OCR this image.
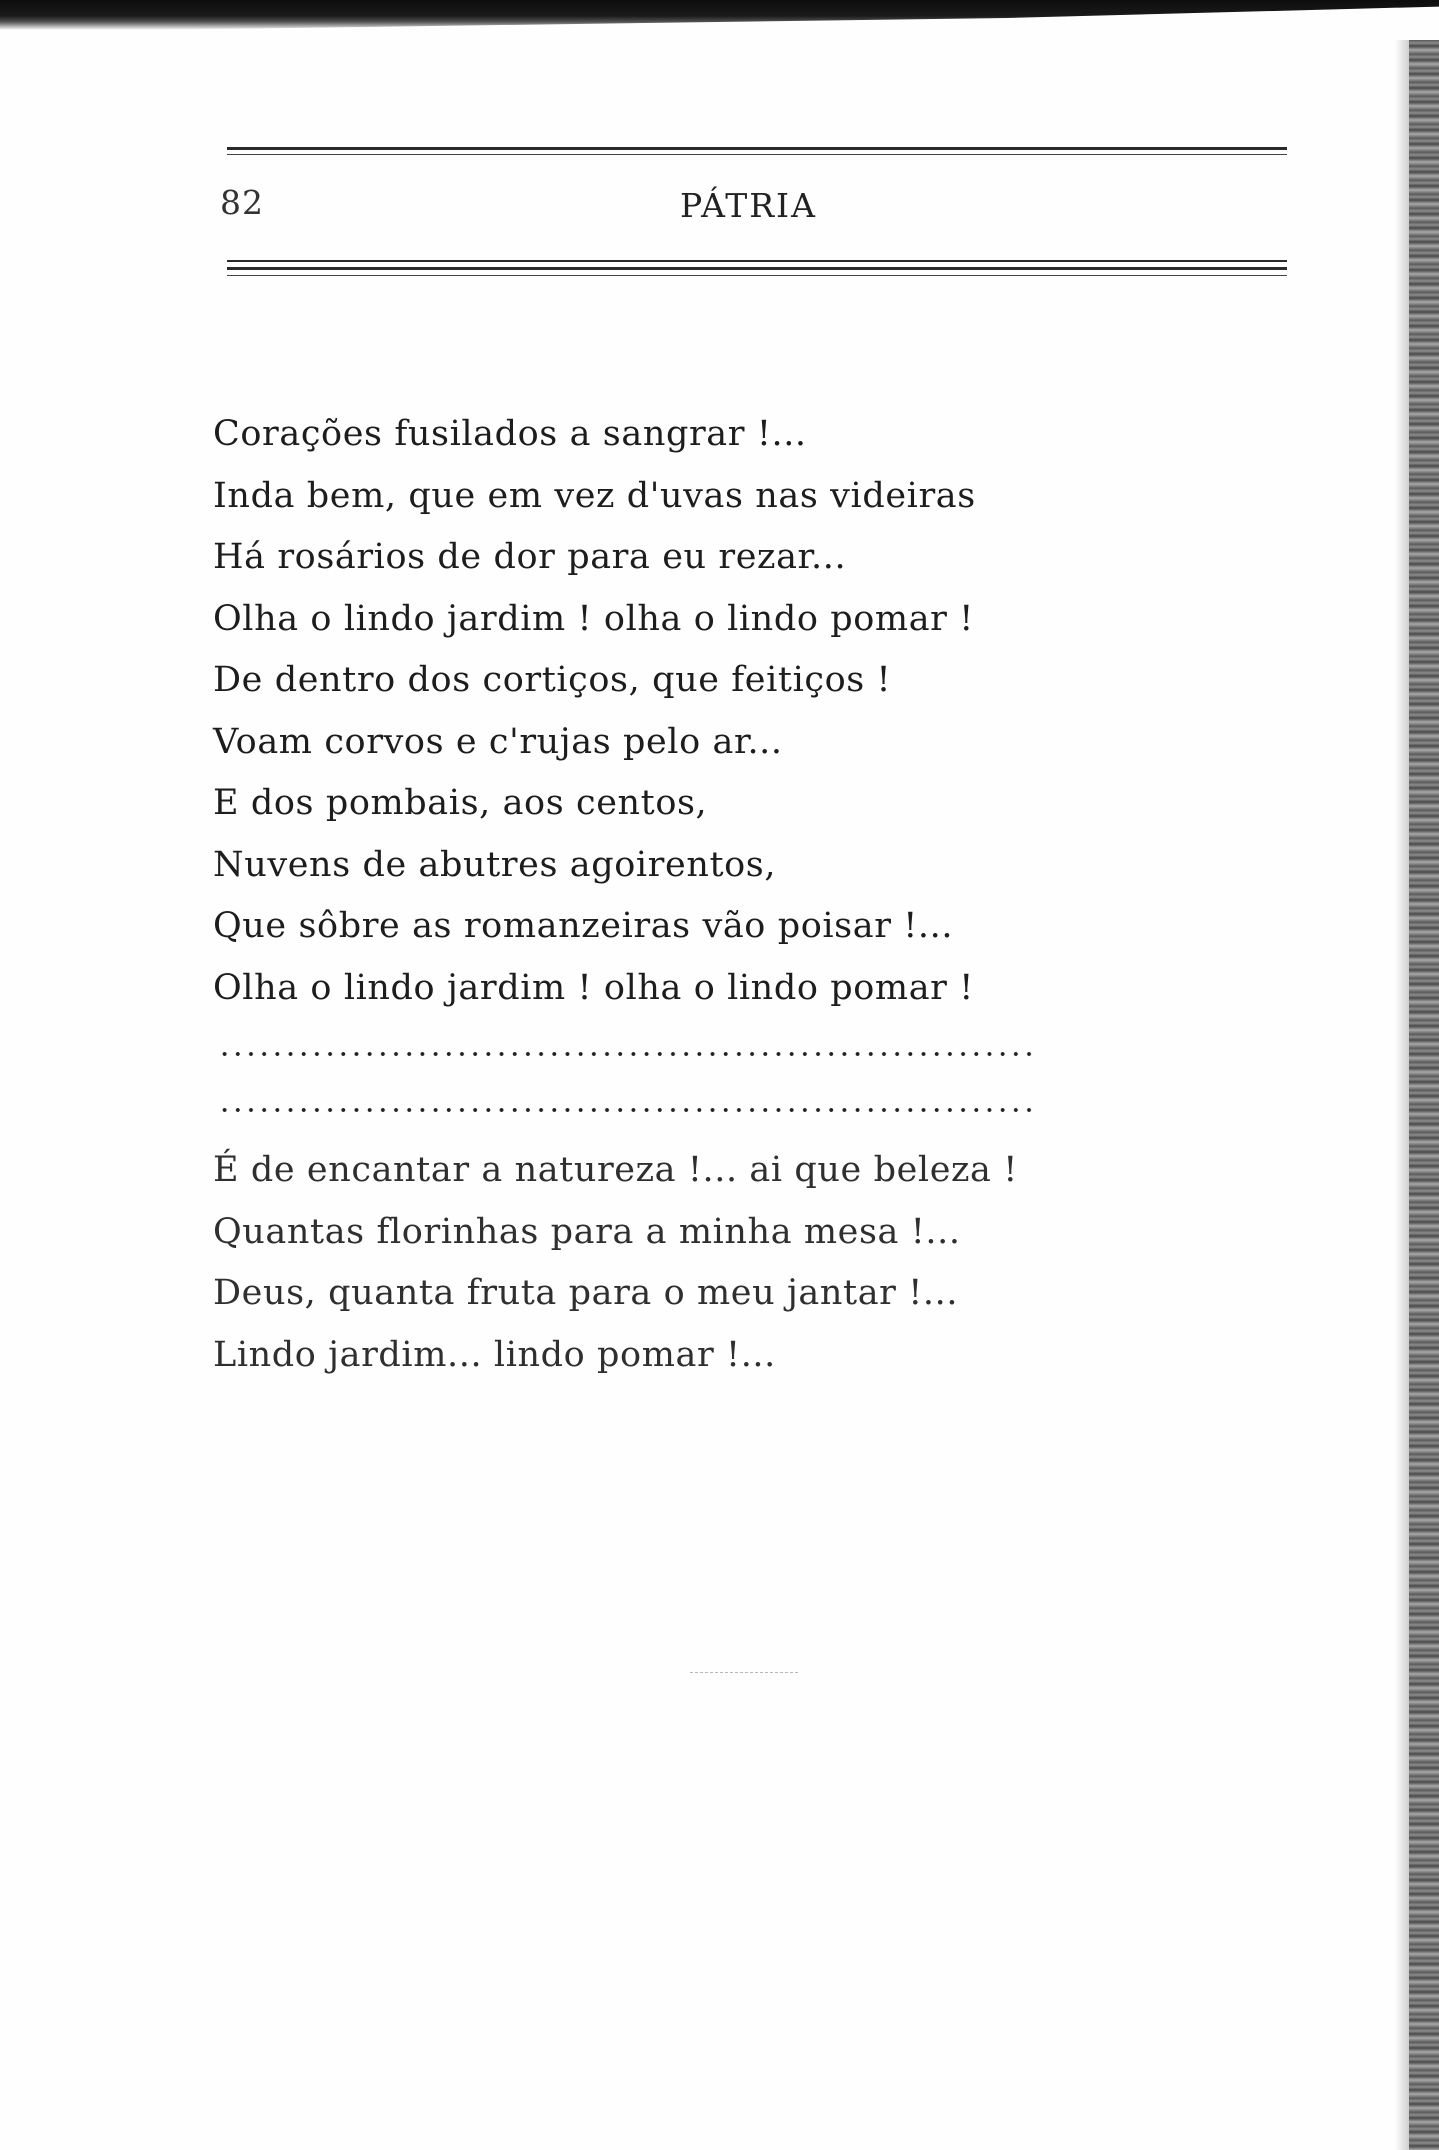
82	PÁTRIA
Corações fusilados a sangrar !...
Inda bem, que em vez d'uvas nas videiras
Há rosários de dor para eu rezar...
Olha o lindo jardim ! olha o lindo pomar !
De dentro dos cortiços, que feitiços !
Voam corvos e c'rujas pelo ar...
E dos pombais, aos centos,
Nuvens de abutres agoirentos,
Que sôbre as romanzeiras vão poisar !...
Olha o lindo jardim ! olha o lindo pomar !
É de encantar a natureza !... ai que beleza !
Quantas florinhas para a minha mesa !...
Deus, quanta fruta para o meu jantar !...
Lindo jardim... lindo pomar !...
